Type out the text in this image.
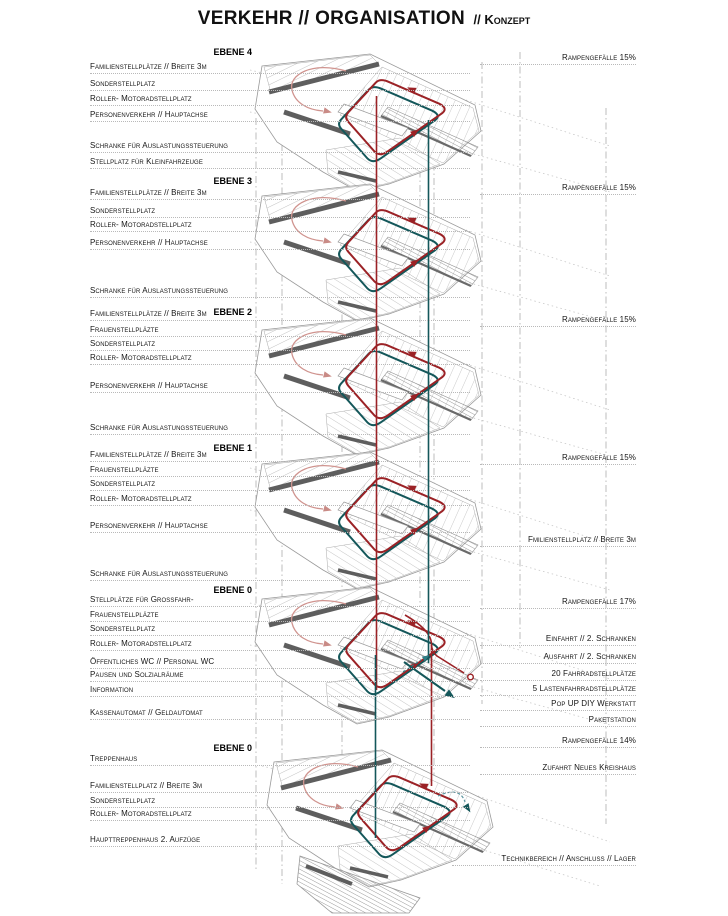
VERKEHR // ORGANISATION // Konzept
EBENE 4
EBENE 3
EBENE 2
EBENE 1
EBENE 0
EBENE 0
Familienstellplätze // Breite 3m
Sonderstellplatz
Roller- Motoradstellplatz
Personenverkehr // Hauptachse
Schranke für Auslastungssteuerung
Stellplatz für Kleinfahrzeuge
Familienstellplätze // Breite 3m
Sonderstellplatz
Roller- Motoradstellplatz
Personenverkehr // Hauptachse
Schranke für Auslastungssteuerung
Familienstellplätze // Breite 3m
Frauenstellpläzte
Sonderstellplatz
Roller- Motoradstellplatz
Personenverkehr // Hauptachse
Schranke für Auslastungssteuerung
Familienstellplätze // Breite 3m
Frauenstellpläzte
Sonderstellplatz
Roller- Motoradstellplatz
Personenverkehr // Hauptachse
Schranke für Auslastungssteuerung
Stellplätze für Grossfahr-
Frauenstellpläzte
Sonderstellplatz
Roller- Motoradstellplatz
Öffentliches WC // Personal WC
Pausen und Solzialräume
Information
Kassenautomat // Geldautomat
Treppenhaus
Familienstellplatz // Breite 3m
Sonderstellplatz
Roller- Motoradstellplatz
Haupttreppenhaus 2. Aufzüge
Rampengefälle 15%
Rampengefälle 15%
Rampengefälle 15%
Rampengefälle 15%
Fmilienstellplatz // Breite 3m
Rampengefälle 17%
Einfahrt // 2. Schranken
Ausfahrt // 2. Schranken
20 Fahrradstellplätze
5 Lastenfahrradstellplätze
Pop UP DIY Werkstatt
Paketstation
Rampengefälle 14%
Zufahrt Neues Kreishaus
Technikbereich // Anschluss // Lager
